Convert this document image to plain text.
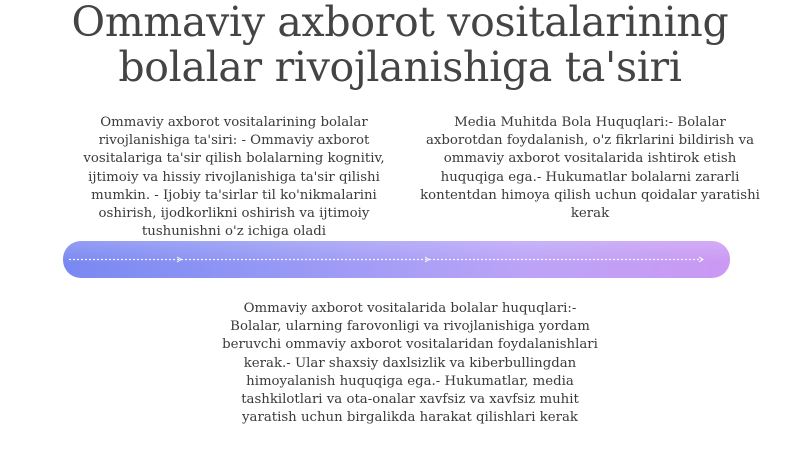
Ommaviy axborot vositalarining bolalar rivojlanishiga ta'siri
Ommaviy axborot vositalarining bolalar rivojlanishiga ta'siri: - Ommaviy axborot vositalariga ta'sir qilish bolalarning kognitiv, ijtimoiy va hissiy rivojlanishiga ta'sir qilishi mumkin. - Ijobiy ta'sirlar til ko'nikmalarini oshirish, ijodkorlikni oshirish va ijtimoiy tushunishni o'z ichiga oladi
Media Muhitda Bola Huquqlari:- Bolalar axborotdan foydalanish, o'z fikrlarini bildirish va ommaviy axborot vositalarida ishtirok etish huquqiga ega.- Hukumatlar bolalarni zararli kontentdan himoya qilish uchun qoidalar yaratishi kerak
Ommaviy axborot vositalarida bolalar huquqlari:- Bolalar, ularning farovonligi va rivojlanishiga yordam beruvchi ommaviy axborot vositalaridan foydalanishlari kerak.- Ular shaxsiy daxlsizlik va kiberbullingdan himoyalanish huquqiga ega.- Hukumatlar, media tashkilotlari va ota-onalar xavfsiz va xavfsiz muhit yaratish uchun birgalikda harakat qilishlari kerak
